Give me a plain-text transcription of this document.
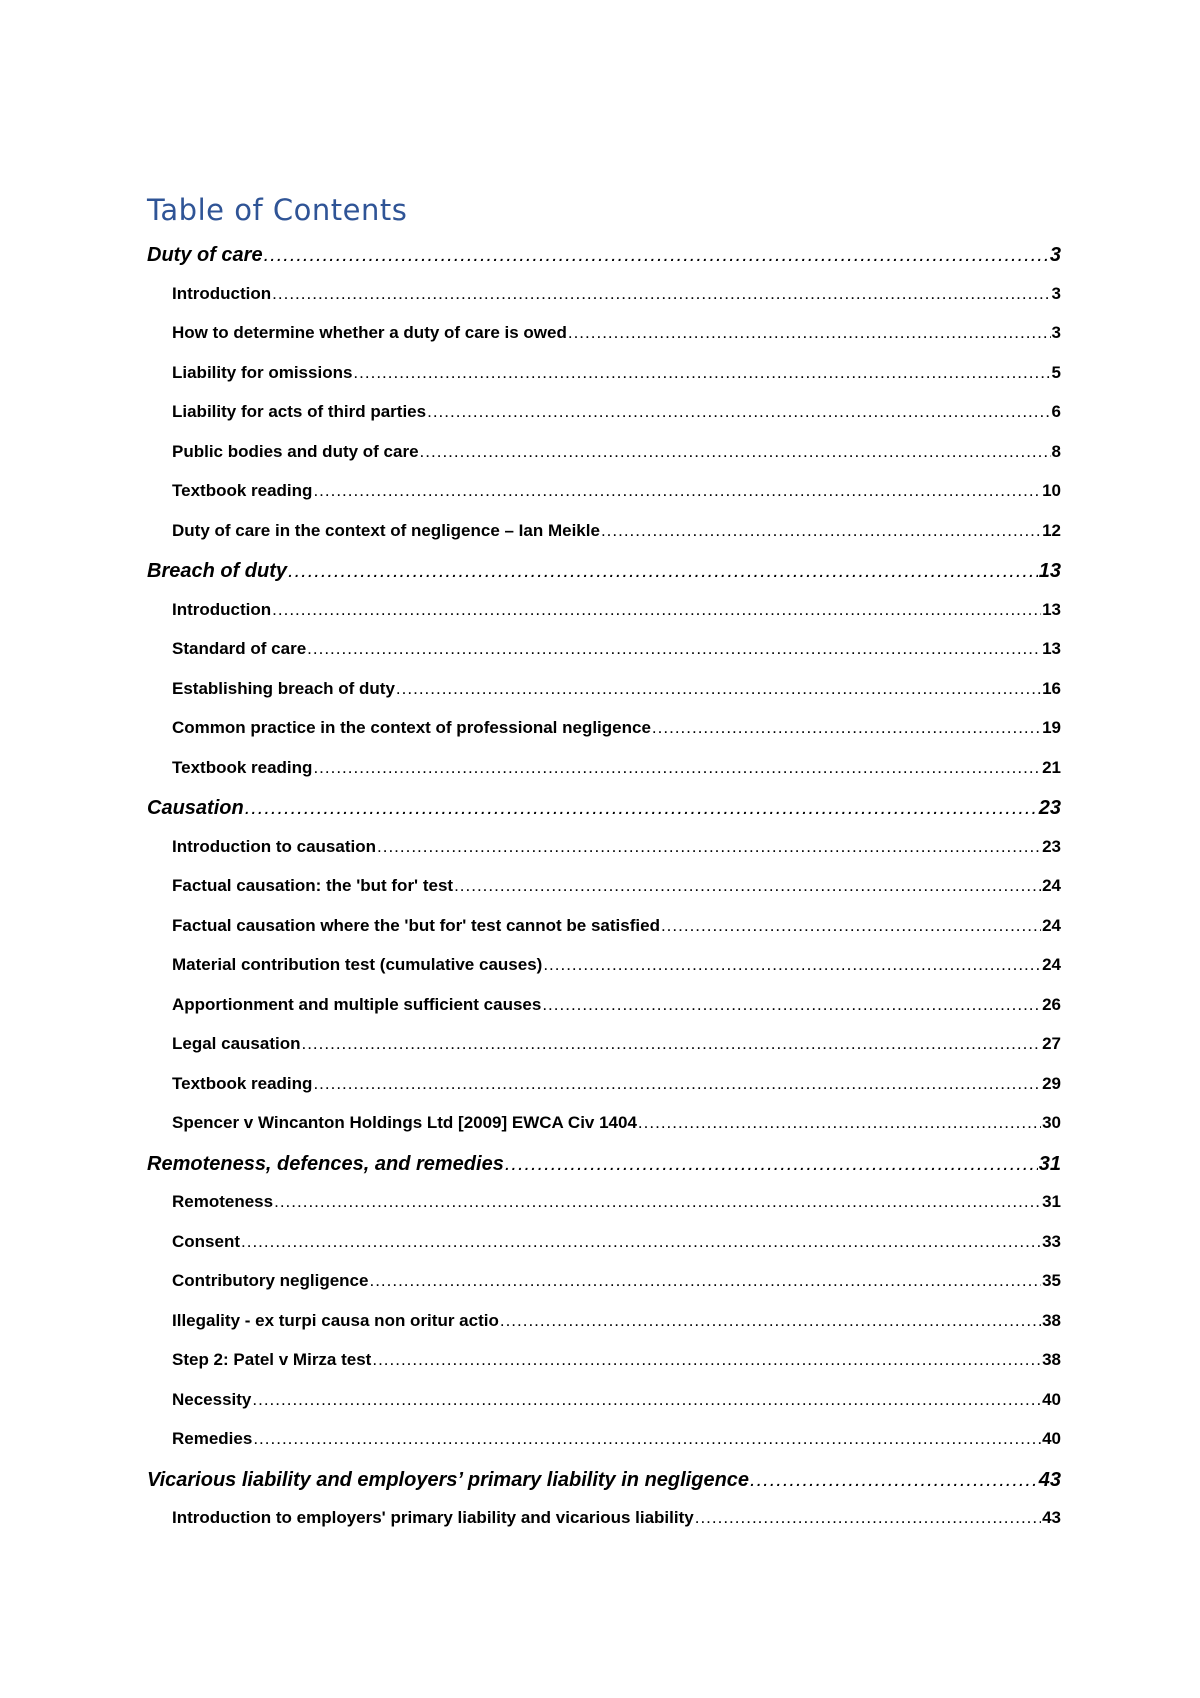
Table of Contents
Duty of care .....	3
Introduction .....	3
How to determine whether a duty of care is owed .....	3
Liability for omissions .....	5
Liability for acts of third parties .....	6
Public bodies and duty of care .....	8
Textbook reading .....	10
Duty of care in the context of negligence – Ian Meikle .....	12
Breach of duty .....	13
Introduction .....	13
Standard of care .....	13
Establishing breach of duty .....	16
Common practice in the context of professional negligence .....	19
Textbook reading .....	21
Causation .....	23
Introduction to causation .....	23
Factual causation: the 'but for' test .....	24
Factual causation where the 'but for' test cannot be satisfied .....	24
Material contribution test (cumulative causes) .....	24
Apportionment and multiple sufficient causes .....	26
Legal causation .....	27
Textbook reading .....	29
Spencer v Wincanton Holdings Ltd [2009] EWCA Civ 1404 .....	30
Remoteness, defences, and remedies .....	31
Remoteness .....	31
Consent .....	33
Contributory negligence .....	35
Illegality - ex turpi causa non oritur actio .....	38
Step 2: Patel v Mirza test .....	38
Necessity .....	40
Remedies .....	40
Vicarious liability and employers’ primary liability in negligence .....	43
Introduction to employers' primary liability and vicarious liability .....	43
